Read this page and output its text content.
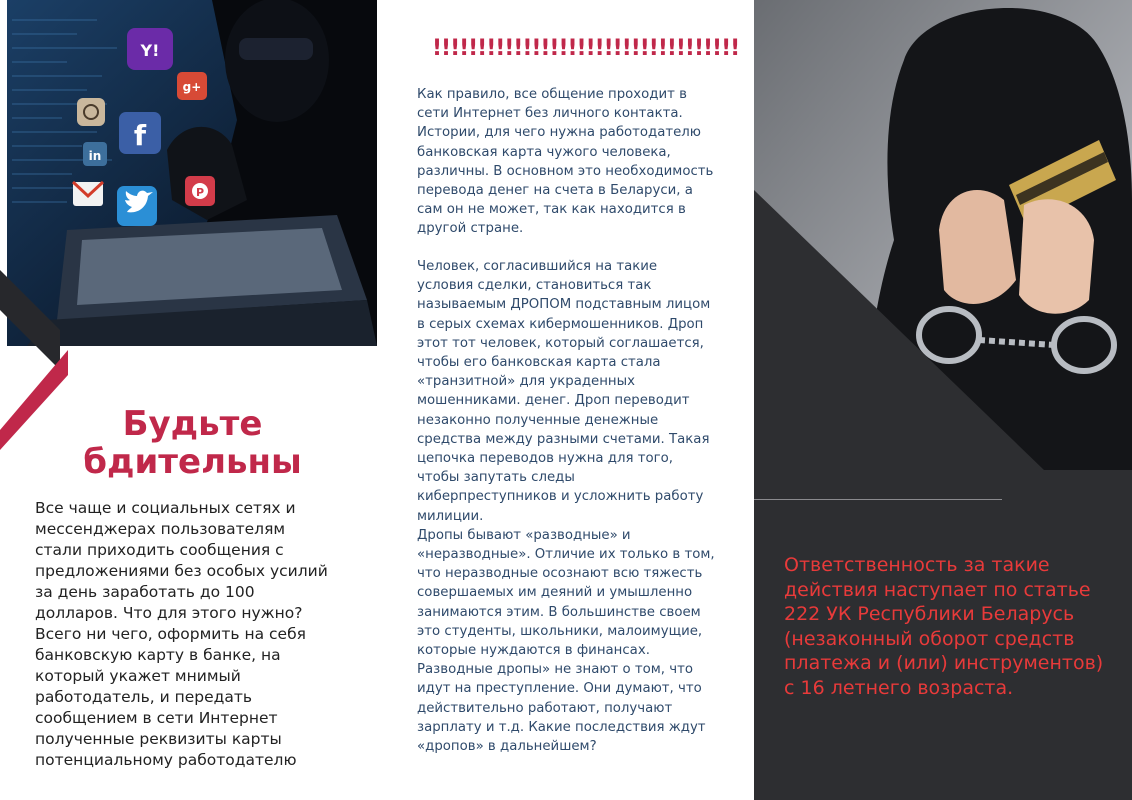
Y!
g+
f
in
P
Будьте
бдительны

Все чаще и социальных сетях и мессенджерах пользователям стали приходить сообщения с предложениями без особых усилий за день заработать до 100 долларов. Что для этого нужно? Всего ни чего, оформить на себя банковскую карту в банке, на который укажет мнимый работодатель, и передать сообщением в сети Интернет полученные реквизиты карты потенциальному работодателю

!!!!!!!!!!!!!!!!!!!!!!!!!!!!!!!!!!

Как правило, все общение проходит в сети Интернет без личного контакта. Истории, для чего нужна работодателю банковская карта чужого человека, различны. В основном это необходимость перевода денег на счета в Беларуси, а сам он не может, так как находится в другой стране.

Человек, согласившийся на такие условия сделки, становиться так называемым ДРОПОМ подставным лицом в серых схемах кибермошенников. Дроп этот тот человек, который соглашается, чтобы его банковская карта стала «транзитной» для украденных мошенниками. денег. Дроп переводит незаконно полученные денежные средства между разными счетами. Такая цепочка переводов нужна для того, чтобы запутать следы киберпреступников и усложнить работу милиции.

Дропы бывают «разводные» и «неразводные». Отличие их только в том, что неразводные осознают всю тяжесть совершаемых им деяний и умышленно занимаются этим. В большинстве своем это студенты, школьники, малоимущие, которые нуждаются в финансах. Разводные дропы» не знают о том, что идут на преступление. Они думают, что действительно работают, получают зарплату и т.д. Какие последствия ждут «дропов» в дальнейшем?

Ответственность за такие действия наступает по статье 222 УК Республики Беларусь (незаконный оборот средств платежа и (или) инструментов) с 16 летнего возраста.
